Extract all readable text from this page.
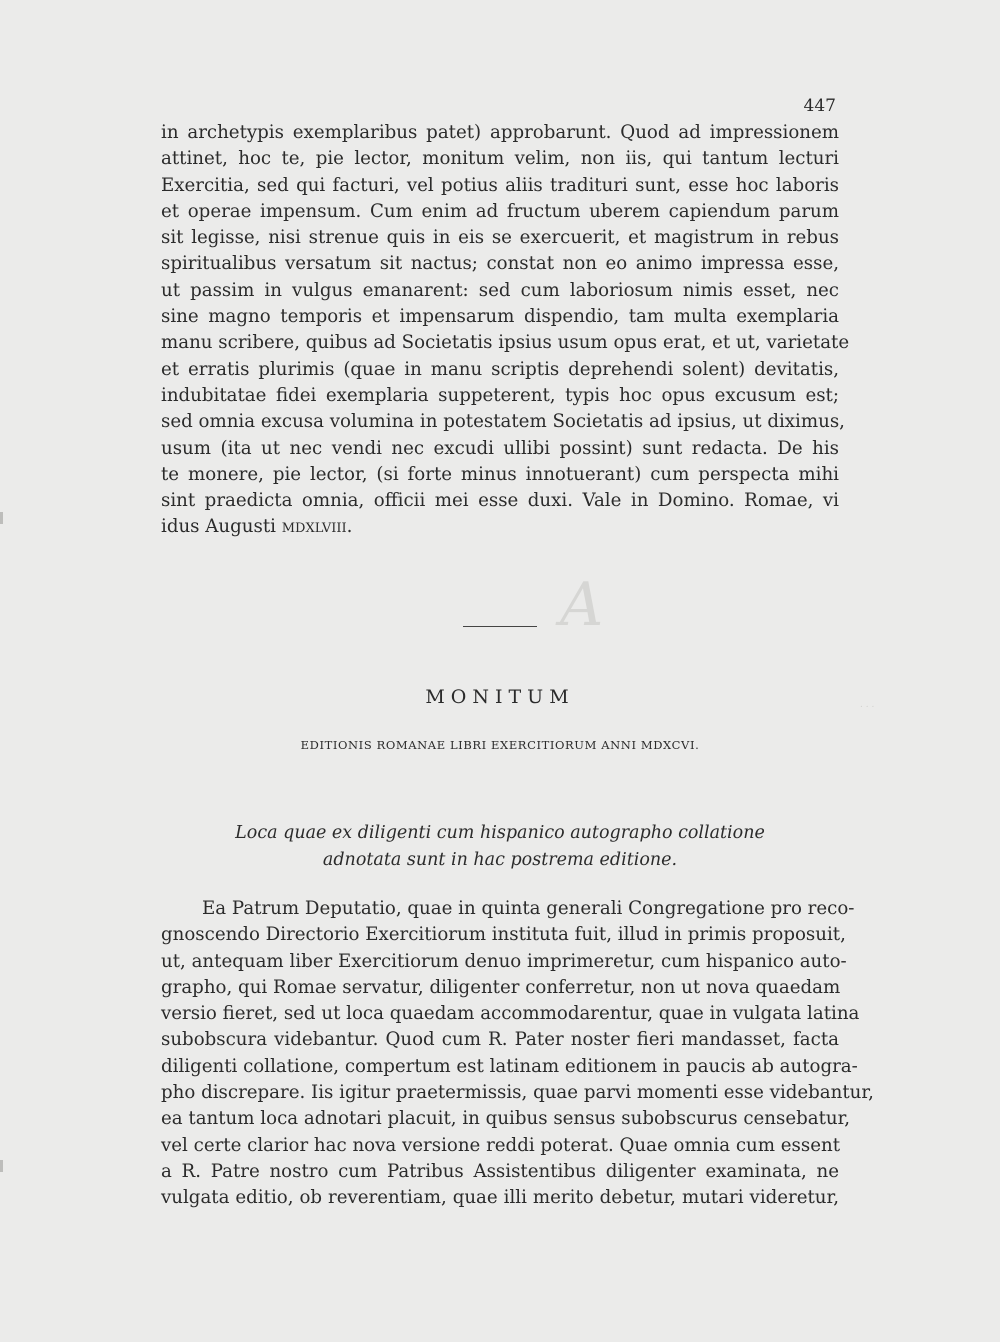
A
. . .
447
in archetypis exemplaribus patet) approbarunt. Quod ad impressionem
attinet, hoc te, pie lector, monitum velim, non iis, qui tantum lecturi
Exercitia, sed qui facturi, vel potius aliis tradituri sunt, esse hoc laboris
et operae impensum. Cum enim ad fructum uberem capiendum parum
sit legisse, nisi strenue quis in eis se exercuerit, et magistrum in rebus
spiritualibus versatum sit nactus; constat non eo animo impressa esse,
ut passim in vulgus emanarent: sed cum laboriosum nimis esset, nec
sine magno temporis et impensarum dispendio, tam multa exemplaria
manu scribere, quibus ad Societatis ipsius usum opus erat, et ut, varietate
et erratis plurimis (quae in manu scriptis deprehendi solent) devitatis,
indubitatae fidei exemplaria suppeterent, typis hoc opus excusum est;
sed omnia excusa volumina in potestatem Societatis ad ipsius, ut diximus,
usum (ita ut nec vendi nec excudi ullibi possint) sunt redacta. De his
te monere, pie lector, (si forte minus innotuerant) cum perspecta mihi
sint praedicta omnia, officii mei esse duxi. Vale in Domino. Romae, vi
idus Augusti mdxlviii.
MONITUM
EDITIONIS ROMANAE LIBRI EXERCITIORUM ANNI MDXCVI.
Loca quae ex diligenti cum hispanico autographo collatione
adnotata sunt in hac postrema editione.
Ea Patrum Deputatio, quae in quinta generali Congregatione pro reco-
gnoscendo Directorio Exercitiorum instituta fuit, illud in primis proposuit,
ut, antequam liber Exercitiorum denuo imprimeretur, cum hispanico auto-
grapho, qui Romae servatur, diligenter conferretur, non ut nova quaedam
versio fieret, sed ut loca quaedam accommodarentur, quae in vulgata latina
subobscura videbantur. Quod cum R. Pater noster fieri mandasset, facta
diligenti collatione, compertum est latinam editionem in paucis ab autogra-
pho discrepare. Iis igitur praetermissis, quae parvi momenti esse videbantur,
ea tantum loca adnotari placuit, in quibus sensus subobscurus censebatur,
vel certe clarior hac nova versione reddi poterat. Quae omnia cum essent
a R. Patre nostro cum Patribus Assistentibus diligenter examinata, ne
vulgata editio, ob reverentiam, quae illi merito debetur, mutari videretur,
